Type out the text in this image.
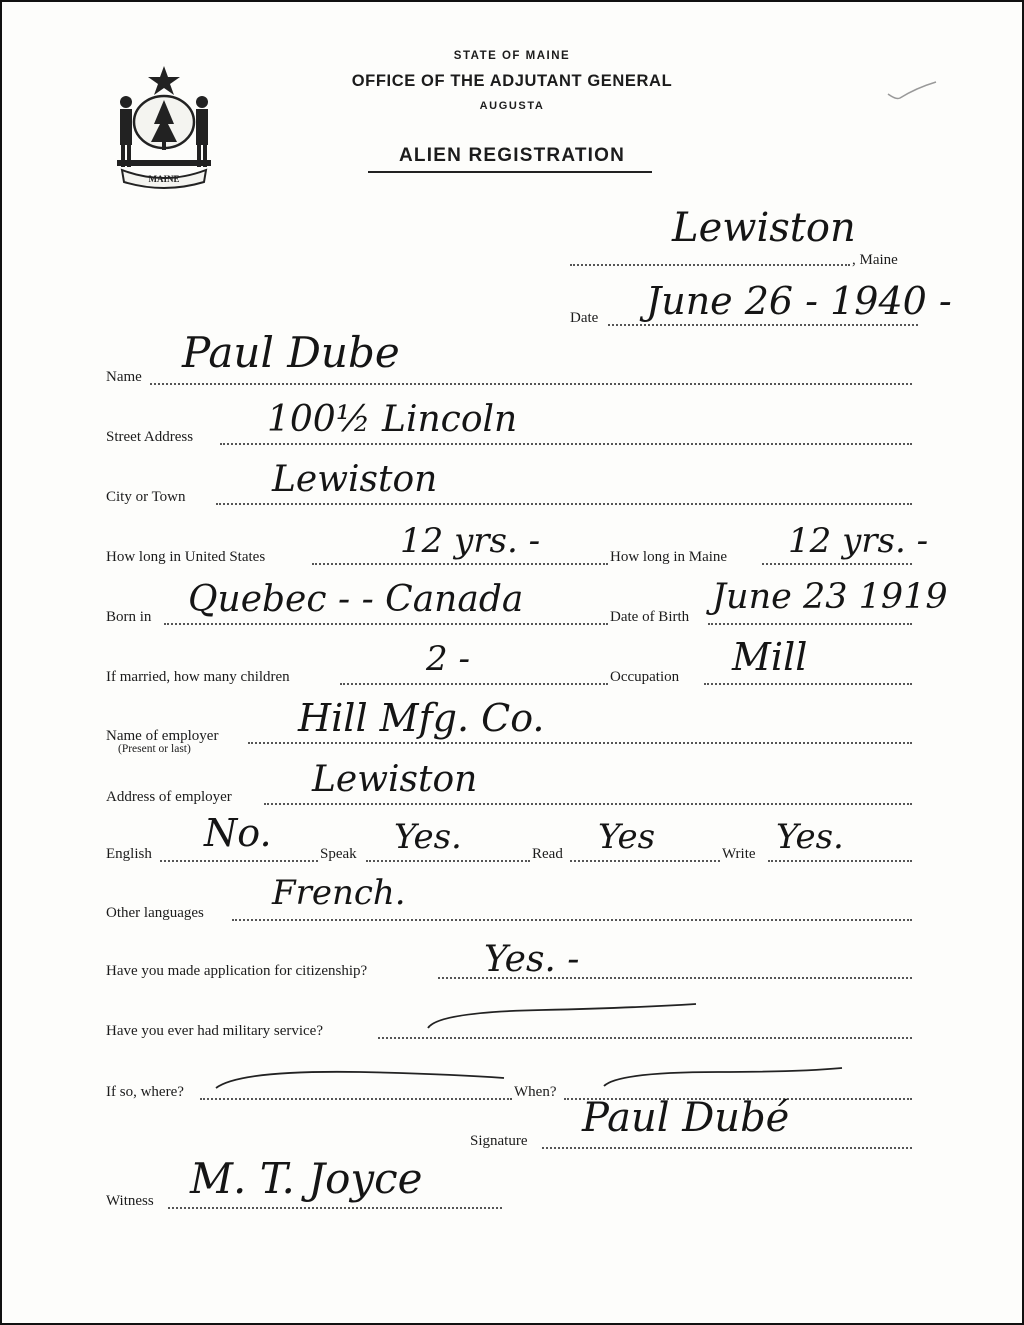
MAINE
STATE OF MAINE
OFFICE OF THE ADJUTANT GENERAL
AUGUSTA
ALIEN REGISTRATION
Lewiston
, Maine
Date June 26 - 1940 -
Name Paul Dube
Street Address 100½ Lincoln
City or Town Lewiston
How long in United States	12 yrs. -	How long in Maine 12 yrs. -
Born in Quebec - - Canada	Date of Birth June 23 1919
If married, how many children	2 -	Occupation Mill
Name of employer
(Present or last)
Hill Mfg. Co.
Address of employer Lewiston
English No.	Speak Yes.	Read Yes	Write Yes.
Other languages French.
Have you made application for citizenship?	Yes. -
Have you ever had military service?
If so, where?	When?
Signature Paul Dubé
Witness M. T. Joyce
